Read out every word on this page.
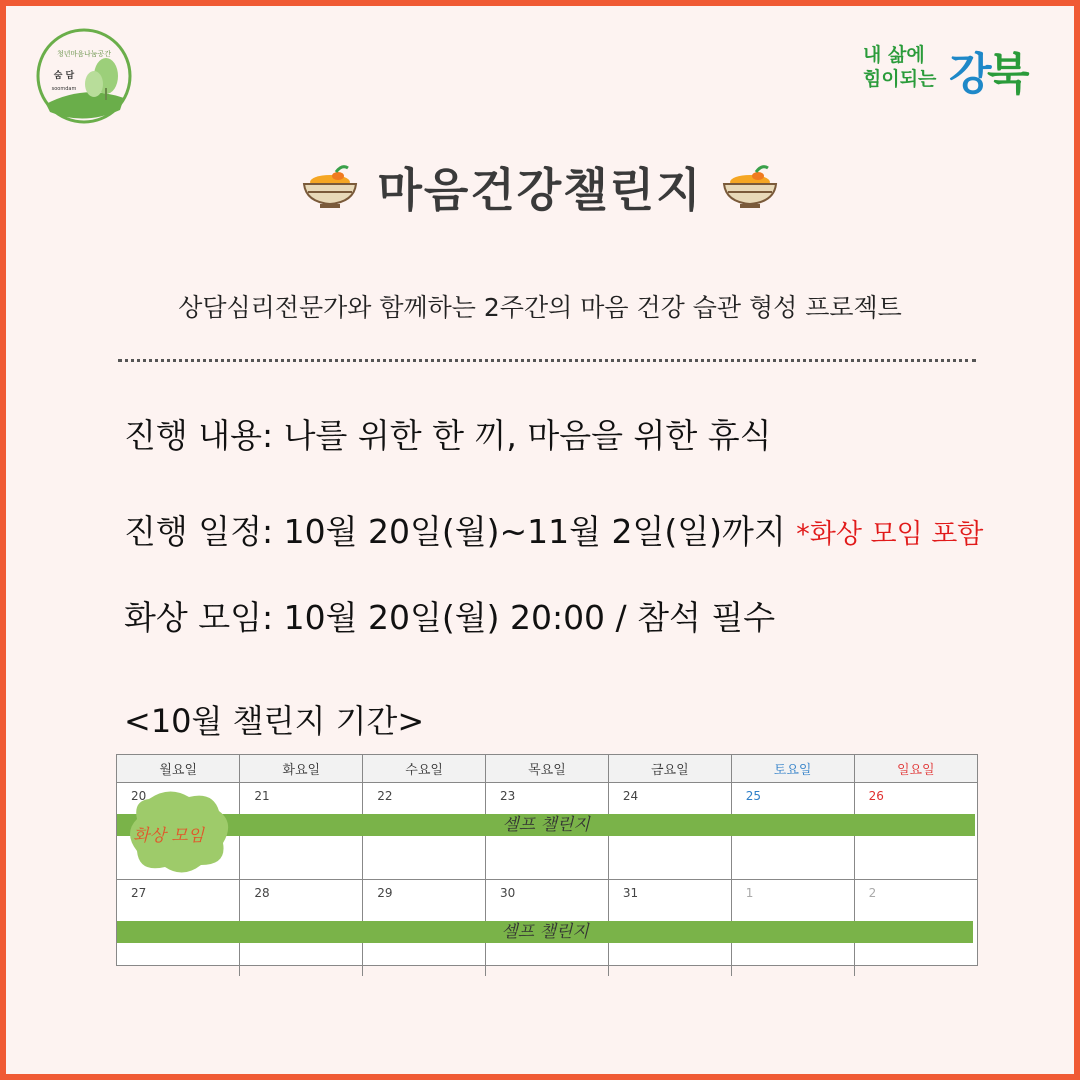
청년마음나눔공간
숨 담
soomdam
내 삶에
힘이되는 강
북
마음건강챌린지
상담심리전문가와 함께하는 2주간의 마음 건강 습관 형성 프로젝트
진행 내용: 나를 위한 한 끼, 마음을 위한 휴식
진행 일정: 10월 20일(월)~11월 2일(일)까지 *화상 모임 포함
화상 모임: 10월 20일(월) 20:00 / 참석 필수
<10월 챌린지 기간>
월요일	화요일	수요일	목요일	금요일	토요일	일요일
20	21	22	23	24	25	26
27	28	29	30	31	1	2
셀프 챌린지
셀프 챌린지
화상 모임
